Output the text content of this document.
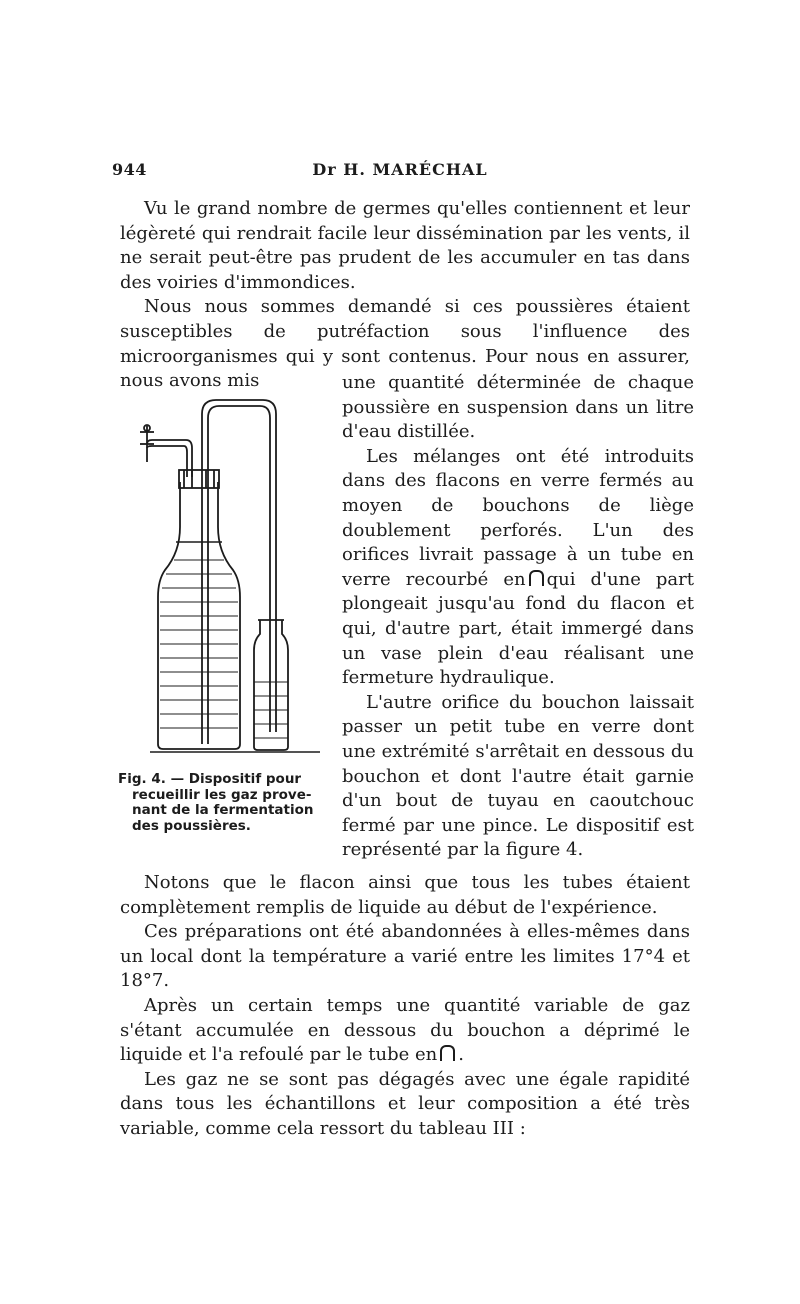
944	Dr H. MARÉCHAL

Vu le grand nombre de germes qu'elles contiennent et leur légèreté qui rendrait facile leur dissémination par les vents, il ne serait peut-être pas prudent de les accumuler en tas dans des voiries d'immondices.

Nous nous sommes demandé si ces poussières étaient susceptibles de putréfaction sous l'influence des microorganismes qui y sont contenus. Pour nous en assurer, nous avons mis

Fig. 4. — Dispositif pour
recueillir les gaz prove-
nant de la fermentation
des poussières.

une quantité déterminée de chaque poussière en suspension dans un litre d'eau distillée.

Les mélanges ont été introduits dans des flacons en verre fermés au moyen de bouchons de liège doublement perforés. L'un des orifices livrait passage à un tube en verre recourbé en qui d'une part plongeait jusqu'au fond du flacon et qui, d'autre part, était immergé dans un vase plein d'eau réalisant une fermeture hydraulique.

L'autre orifice du bouchon laissait passer un petit tube en verre dont une extrémité s'arrêtait en dessous du bouchon et dont l'autre était garnie d'un bout de tuyau en caoutchouc fermé par une pince. Le dispositif est représenté par la figure 4.

Notons que le flacon ainsi que tous les tubes étaient complètement remplis de liquide au début de l'expérience.

Ces préparations ont été abandonnées à elles-mêmes dans un local dont la température a varié entre les limites 17°4 et 18°7.

Après un certain temps une quantité variable de gaz s'étant accumulée en dessous du bouchon a déprimé le liquide et l'a refoulé par le tube en .

Les gaz ne se sont pas dégagés avec une égale rapidité dans tous les échantillons et leur composition a été très variable, comme cela ressort du tableau III :
